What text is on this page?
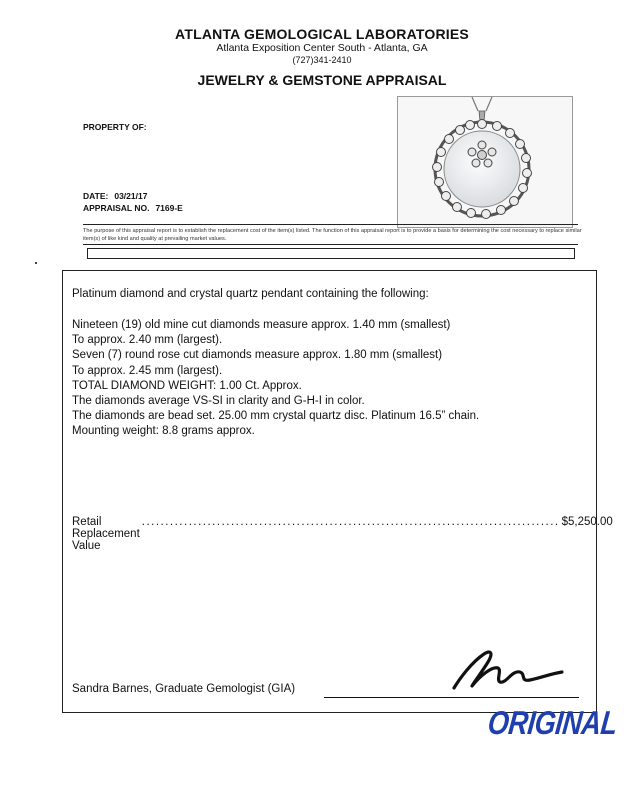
ATLANTA GEMOLOGICAL LABORATORIES
Atlanta Exposition Center South - Atlanta, GA
(727)341-2410
JEWELRY & GEMSTONE APPRAISAL
PROPERTY OF:
DATE: 03/21/17
APPRAISAL NO. 7169-E
The purpose of this appraisal report is to establish the replacement cost of the item(s) listed. The function of this appraisal report is to provide a basis for determining the cost necessary to replace similar item(s) of like kind and quality at prevailing market values.
Platinum diamond and crystal quartz pendant containing the following:
Nineteen (19) old mine cut diamonds measure approx. 1.40 mm (smallest)
To approx. 2.40 mm (largest).
Seven (7) round rose cut diamonds measure approx. 1.80 mm (smallest)
To approx. 2.45 mm (largest).
TOTAL DIAMOND WEIGHT: 1.00 Ct. Approx.
The diamonds average VS-SI in clarity and G-H-I in color.
The diamonds are bead set. 25.00 mm crystal quartz disc. Platinum 16.5” chain.
Mounting weight: 8.8 grams approx.
Retail Replacement Value
......................................................................................... $5,250.00
Sandra Barnes, Graduate Gemologist (GIA)
ORIGINAL
